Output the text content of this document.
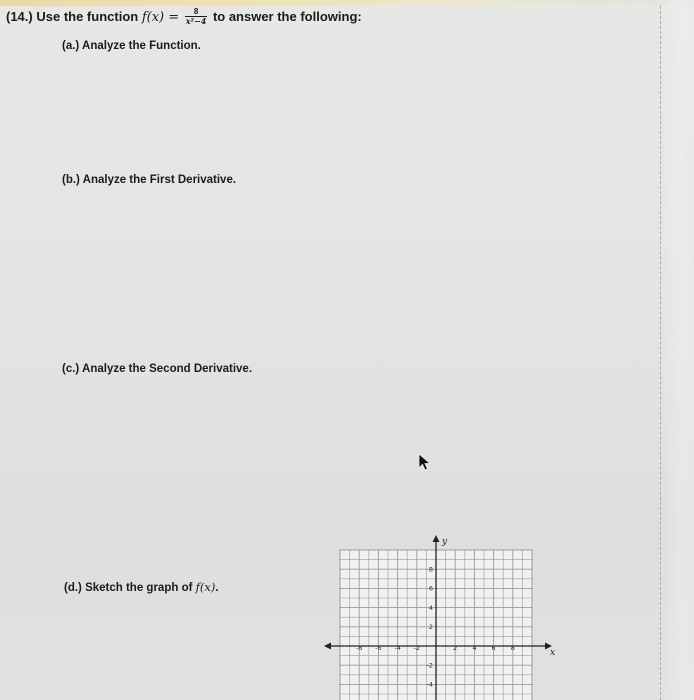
(14.) Use the function $f(x) = \frac{8}{\text{x²−4}}$ to answer the following:
(a.) Analyze the Function.
(b.) Analyze the First Derivative.
(c.) Analyze the Second Derivative.
(d.) Sketch the graph of f(x).
-8 -6 -4 -2	2 4 6 8
8
6
4
2
-2
-4
x
y
